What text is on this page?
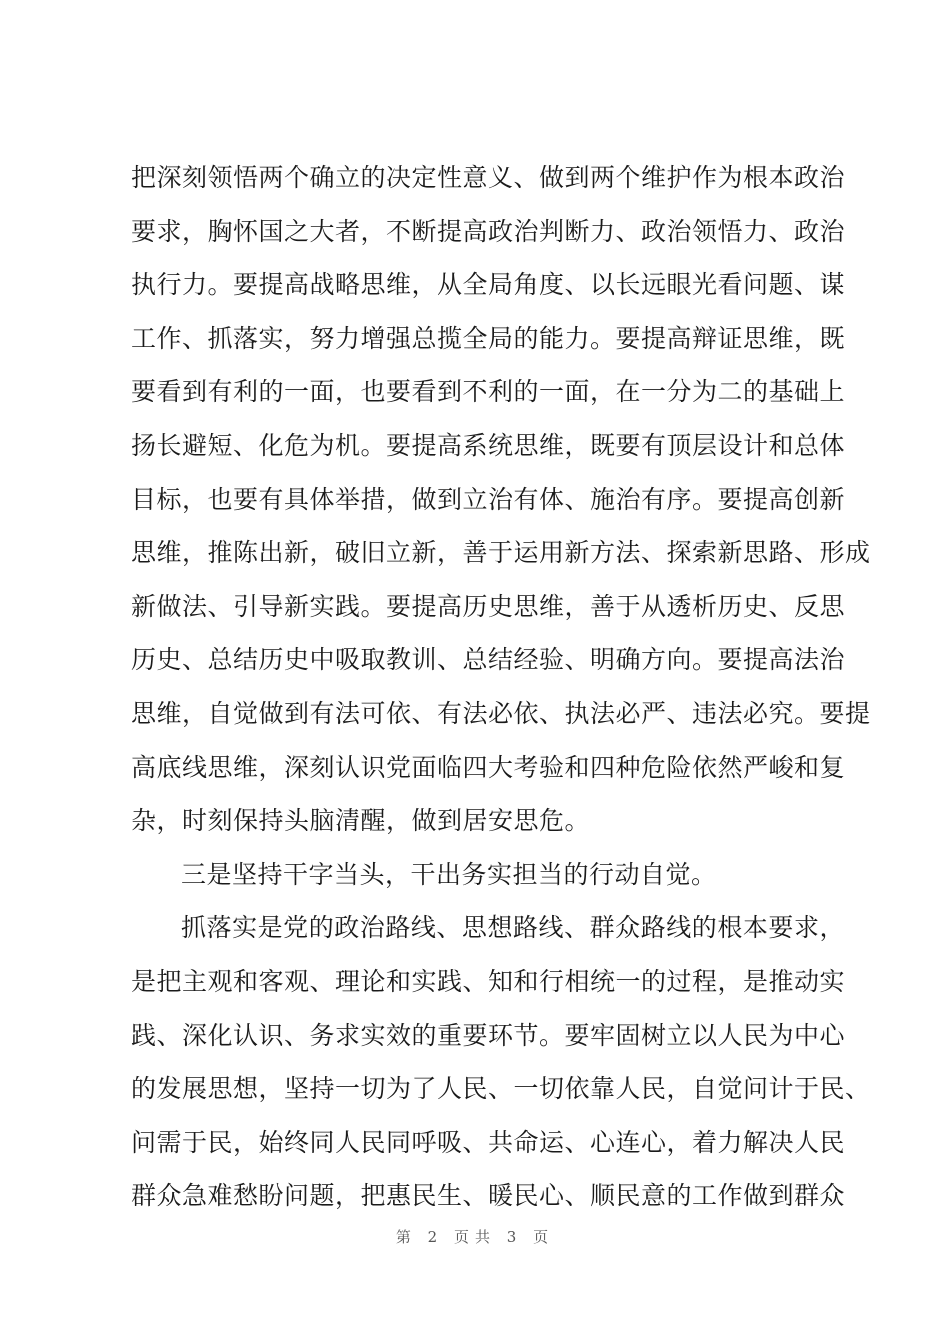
把深刻领悟两个确立的决定性意义、做到两个维护作为根本政治
要求，胸怀国之大者，不断提高政治判断力、政治领悟力、政治
执行力。要提高战略思维，从全局角度、以长远眼光看问题、谋
工作、抓落实，努力增强总揽全局的能力。要提高辩证思维，既
要看到有利的一面，也要看到不利的一面，在一分为二的基础上
扬长避短、化危为机。要提高系统思维，既要有顶层设计和总体
目标，也要有具体举措，做到立治有体、施治有序。要提高创新
思维，推陈出新，破旧立新，善于运用新方法、探索新思路、形成
新做法、引导新实践。要提高历史思维，善于从透析历史、反思
历史、总结历史中吸取教训、总结经验、明确方向。要提高法治
思维，自觉做到有法可依、有法必依、执法必严、违法必究。要提
高底线思维，深刻认识党面临四大考验和四种危险依然严峻和复
杂，时刻保持头脑清醒，做到居安思危。
三是坚持干字当头，干出务实担当的行动自觉。
抓落实是党的政治路线、思想路线、群众路线的根本要求，
是把主观和客观、理论和实践、知和行相统一的过程，是推动实
践、深化认识、务求实效的重要环节。要牢固树立以人民为中心
的发展思想，坚持一切为了人民、一切依靠人民，自觉问计于民、
问需于民，始终同人民同呼吸、共命运、心连心，着力解决人民
群众急难愁盼问题，把惠民生、暖民心、顺民意的工作做到群众
第 2 页共 3 页
